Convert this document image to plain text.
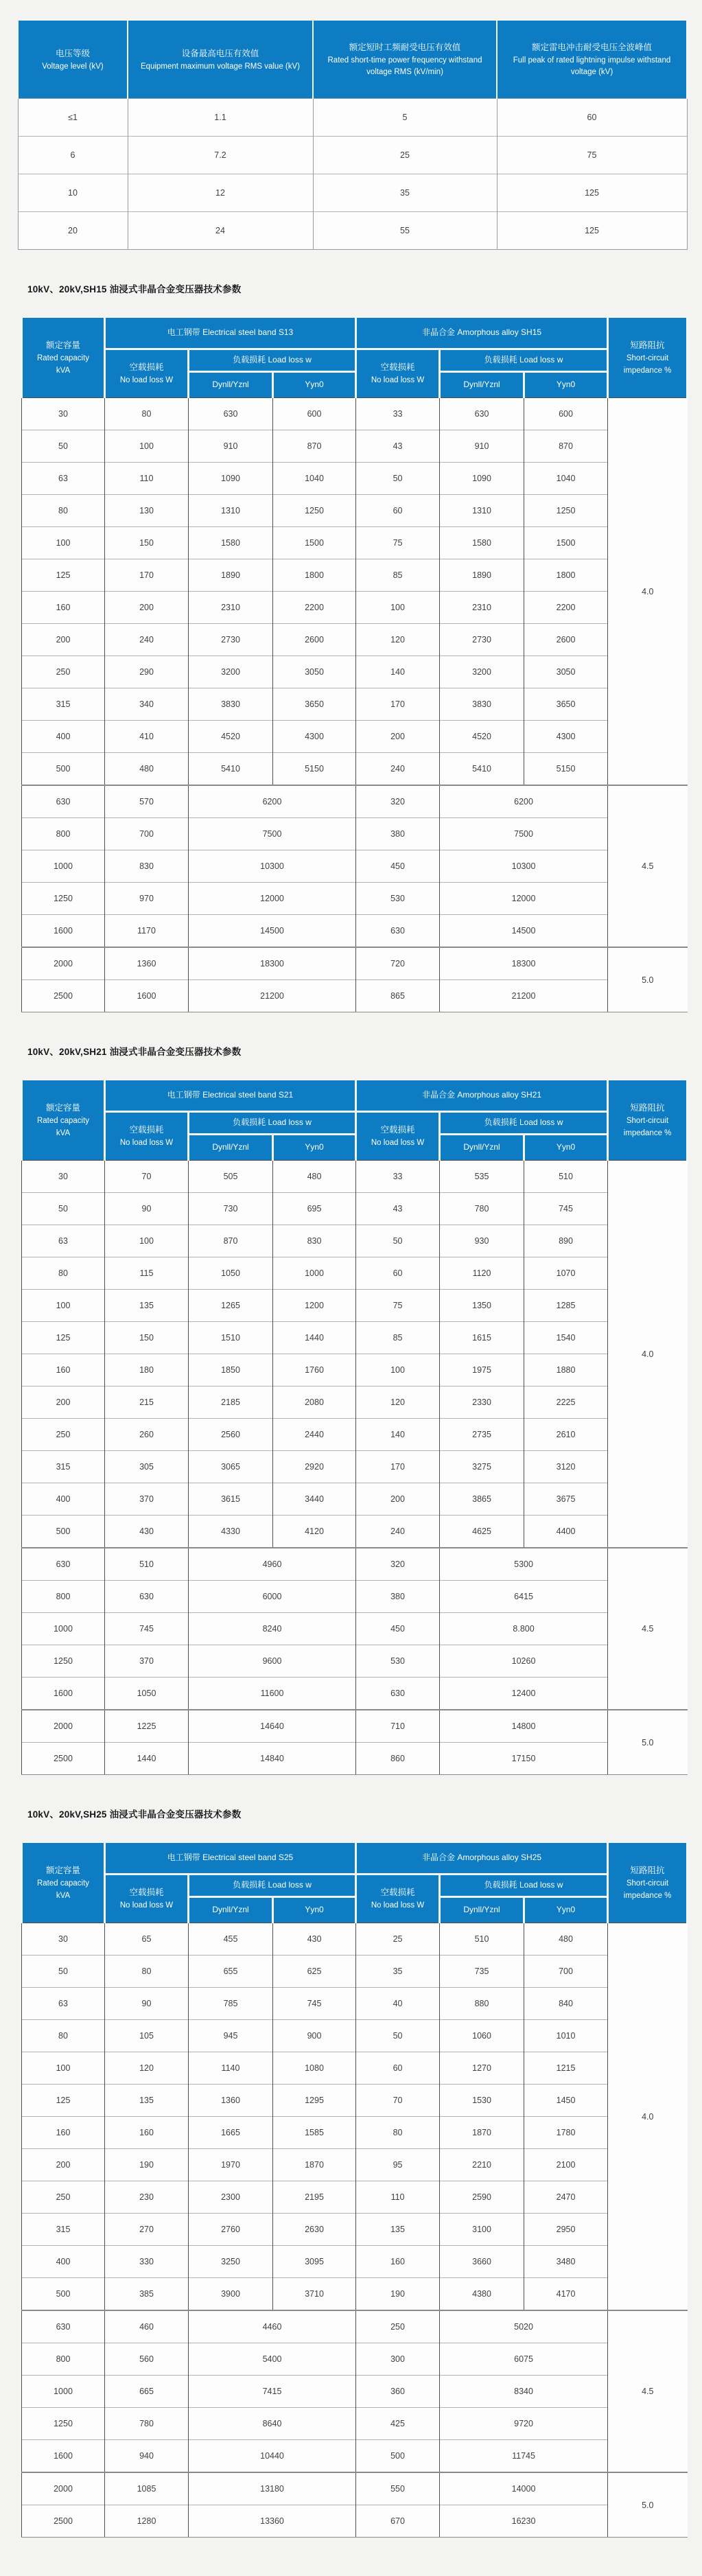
电压等级
Voltage level (kV)

设备最高电压有效值
Equipment maximum voltage RMS value (kV)

额定短时工频耐受电压有效值
Rated short-time power frequency withstand voltage RMS (kV/min)

额定雷电冲击耐受电压全波峰值
Full peak of rated lightning impulse withstand voltage (kV)

≤1	1.1	5	60
6	7.2	25	75
10	12	35	125
20	24	55	125
10kV、20kV,SH15 油浸式非晶合金变压器技术参数
额定容量
Rated capacity
kVA
	电工钢带 Electrical steel band S13	非晶合金 Amorphous alloy SH15	
短路阻抗
Short-circuit
impedance %

空载损耗
No load loss W
	负载损耗 Load loss w	
空载损耗
No load loss W
	负载损耗 Load loss w
		Dynll/Yznl	Yyn0		Dynll/Yznl	Yyn0	
30	80	630	600	33	630	600	4.0
50	100	910	870	43	910	870	
63	110	1090	1040	50	1090	1040	
80	130	1310	1250	60	1310	1250	
100	150	1580	1500	75	1580	1500	
125	170	1890	1800	85	1890	1800	
160	200	2310	2200	100	2310	2200	
200	240	2730	2600	120	2730	2600	
250	290	3200	3050	140	3200	3050	
315	340	3830	3650	170	3830	3650	
400	410	4520	4300	200	4520	4300	
500	480	5410	5150	240	5410	5150	
630	570	6200		320	6200		4.5
800	700	7500		380	7500		
1000	830	10300		450	10300		
1250	970	12000		530	12000		
1600	1170	14500		630	14500		
2000	1360	18300		720	18300		5.0
2500	1600	21200		865	21200		
10kV、20kV,SH21 油浸式非晶合金变压器技术参数
额定容量
Rated capacity
kVA
	电工钢带 Electrical steel band S21	非晶合金 Amorphous alloy SH21	
短路阻抗
Short-circuit
impedance %

空载损耗
No load loss W
	负载损耗 Load loss w	
空载损耗
No load loss W
	负载损耗 Load loss w
		Dynll/Yznl	Yyn0		Dynll/Yznl	Yyn0	
30	70	505	480	33	535	510	4.0
50	90	730	695	43	780	745	
63	100	870	830	50	930	890	
80	115	1050	1000	60	1120	1070	
100	135	1265	1200	75	1350	1285	
125	150	1510	1440	85	1615	1540	
160	180	1850	1760	100	1975	1880	
200	215	2185	2080	120	2330	2225	
250	260	2560	2440	140	2735	2610	
315	305	3065	2920	170	3275	3120	
400	370	3615	3440	200	3865	3675	
500	430	4330	4120	240	4625	4400	
630	510	4960		320	5300		4.5
800	630	6000		380	6415		
1000	745	8240		450	8.800		
1250	370	9600		530	10260		
1600	1050	11600		630	12400		
2000	1225	14640		710	14800		5.0
2500	1440	14840		860	17150		
10kV、20kV,SH25 油浸式非晶合金变压器技术参数
额定容量
Rated capacity
kVA
	电工钢带 Electrical steel band S25	非晶合金 Amorphous alloy SH25	
短路阻抗
Short-circuit
impedance %

空载损耗
No load loss W
	负载损耗 Load loss w	
空载损耗
No load loss W
	负载损耗 Load loss w
		Dynll/Yznl	Yyn0		Dynll/Yznl	Yyn0	
30	65	455	430	25	510	480	4.0
50	80	655	625	35	735	700	
63	90	785	745	40	880	840	
80	105	945	900	50	1060	1010	
100	120	1140	1080	60	1270	1215	
125	135	1360	1295	70	1530	1450	
160	160	1665	1585	80	1870	1780	
200	190	1970	1870	95	2210	2100	
250	230	2300	2195	110	2590	2470	
315	270	2760	2630	135	3100	2950	
400	330	3250	3095	160	3660	3480	
500	385	3900	3710	190	4380	4170	
630	460	4460		250	5020		4.5
800	560	5400		300	6075		
1000	665	7415		360	8340		
1250	780	8640		425	9720		
1600	940	10440		500	11745		
2000	1085	13180		550	14000		5.0
2500	1280	13360		670	16230		
